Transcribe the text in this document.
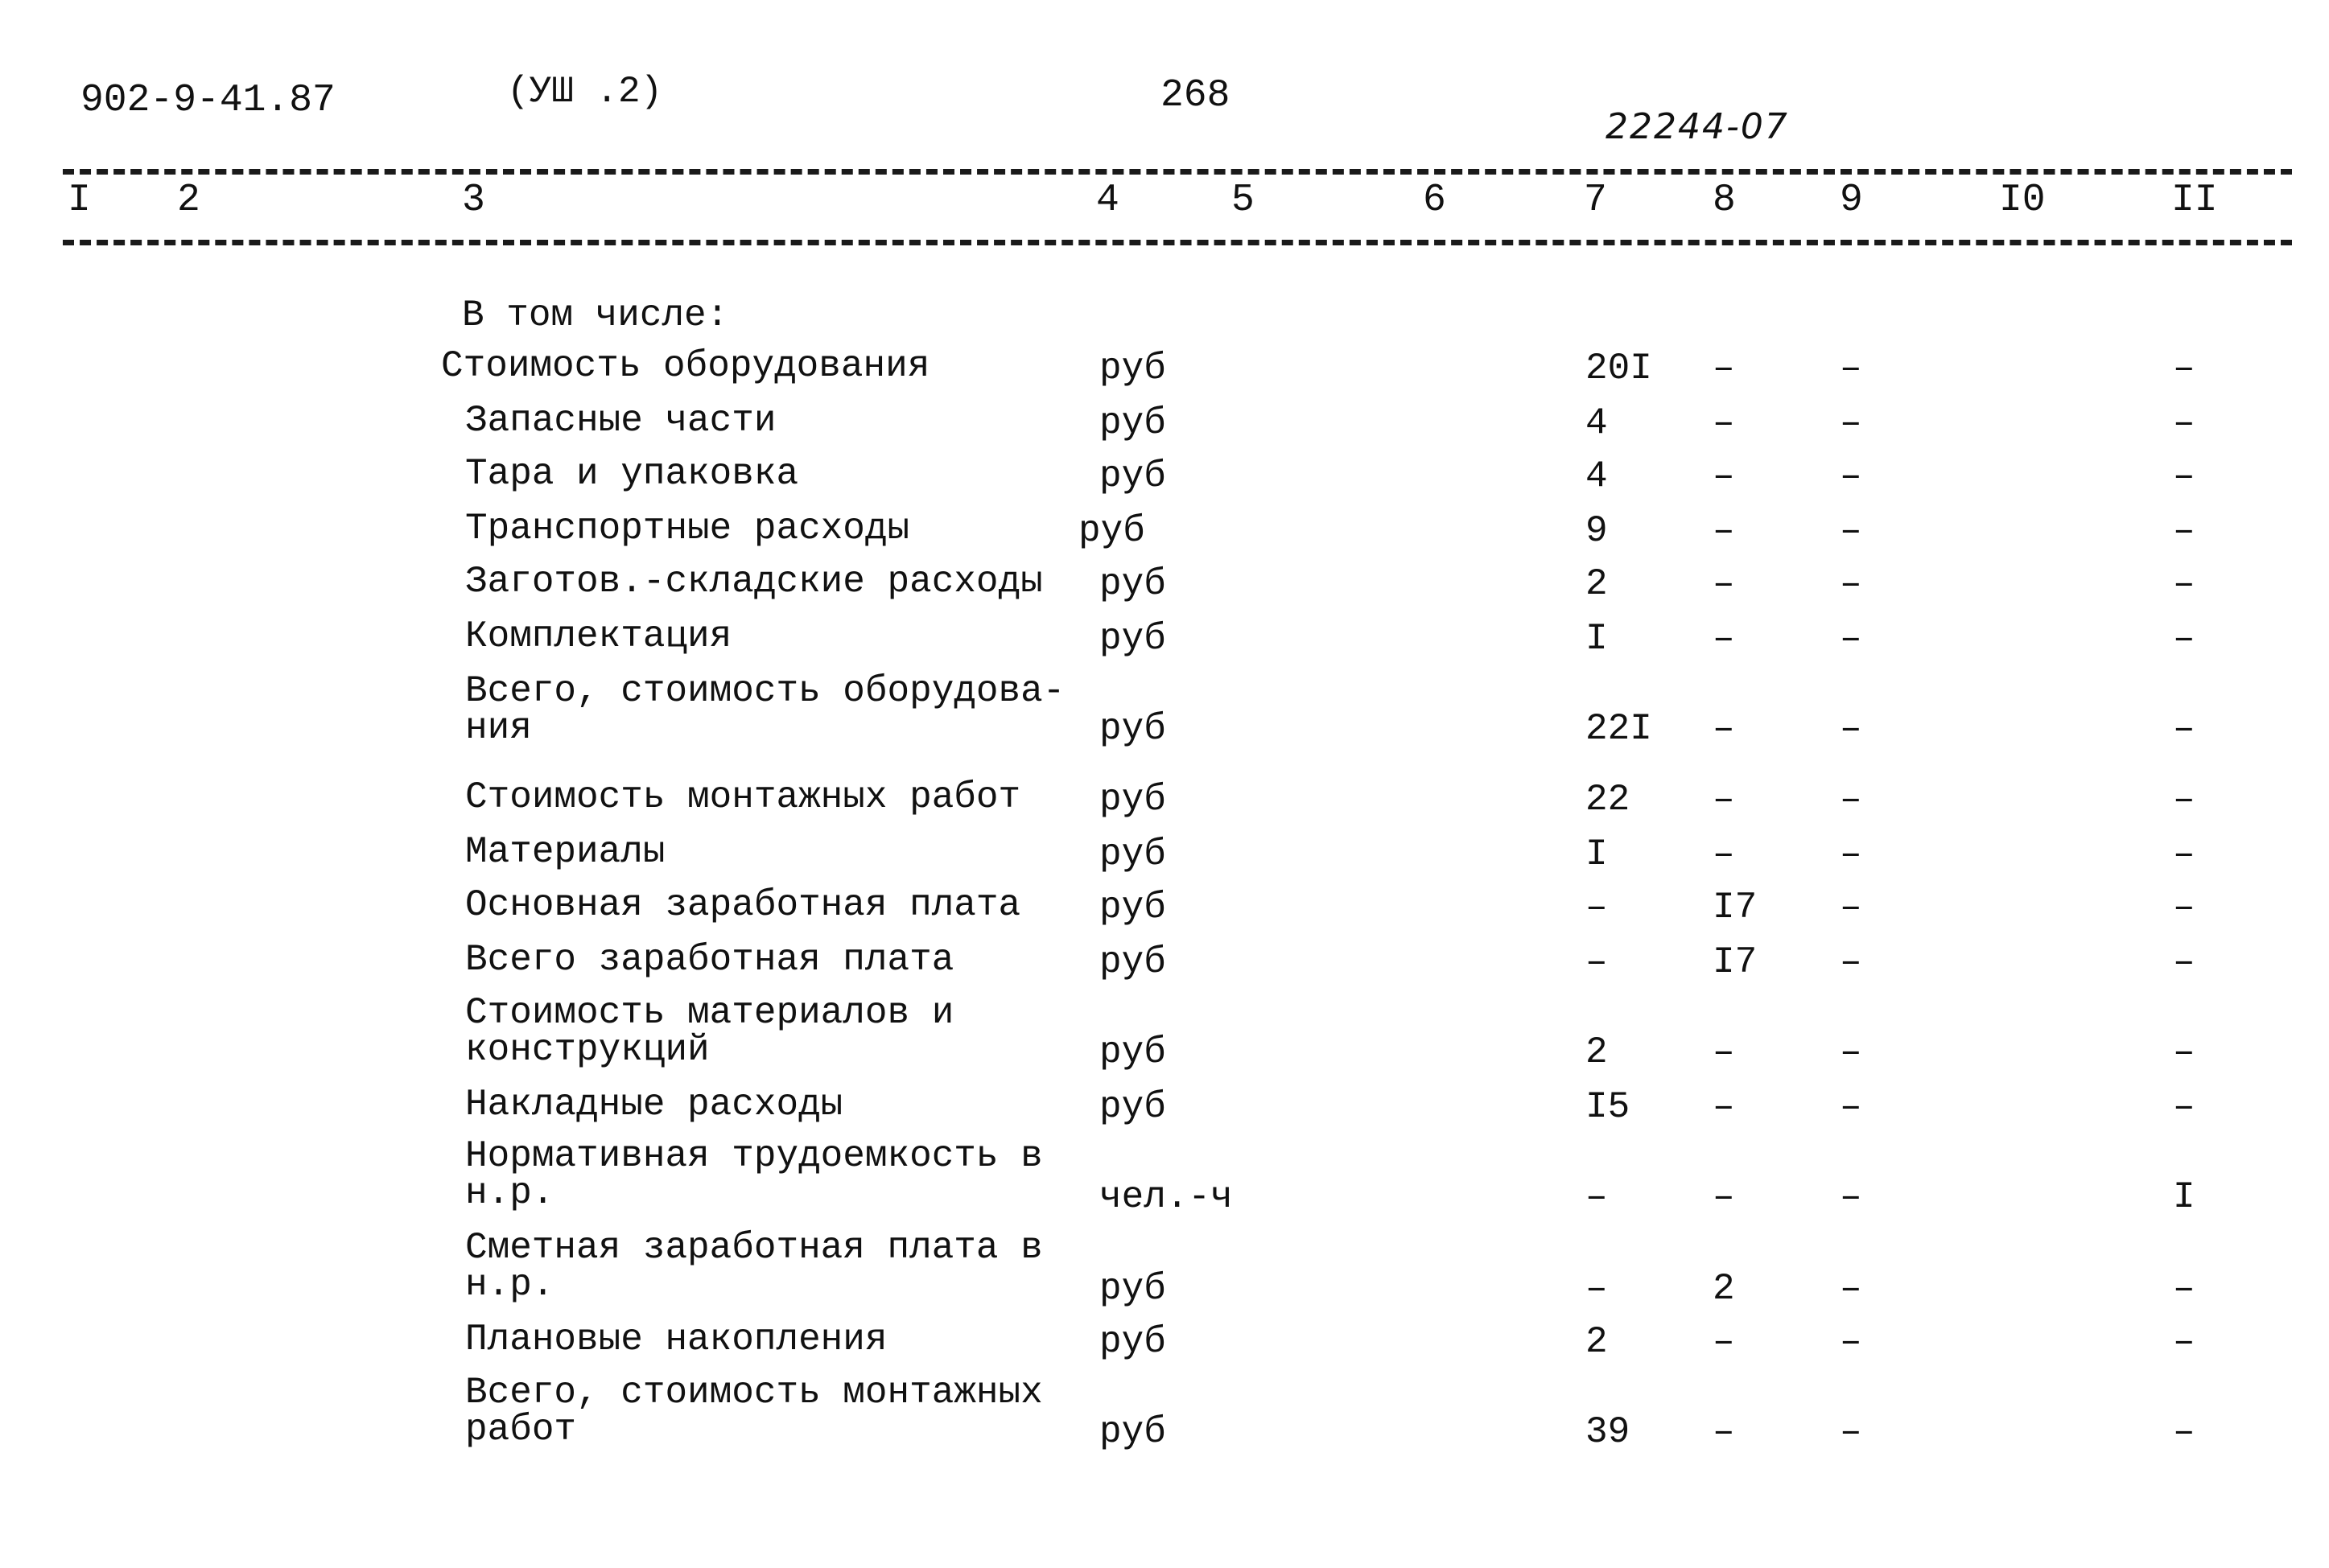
902-9-41.87	(УШ .2)	268
22244-07
I 2	3	4	5	6	7	8	9	I0	II
В том числе:
Стоимость оборудования	руб	20I –	–	–
Запасные части	руб	4	–	–	–
Тара и упаковка	руб	4	–	–	–
Транспортные расходы	руб	9	–	–	–
Заготов.-складские расходы руб	2	–	–	–
Комплектация	руб	I	–	–	–
Всего, стоимость оборудова-ния	руб	22I –	–	–
Стоимость монтажных работ руб	22 –	–	–
Материалы	руб	I	–	–	–
Основная заработная плата руб	–	I7 –	–
Всего заработная плата	руб	–	I7 –	–
Стоимость материалов и конструкций	руб	2	–	–	–
Накладные расходы	руб	I5 –	–	–
Нормативная трудоемкость в н.р.	чел.-ч	–	–	–	I
Сметная заработная плата в н.р.	руб	–	2	–	–
Плановые накопления	руб	2	–	–	–
Всего, стоимость монтажных работ	руб	39 –	–	–
